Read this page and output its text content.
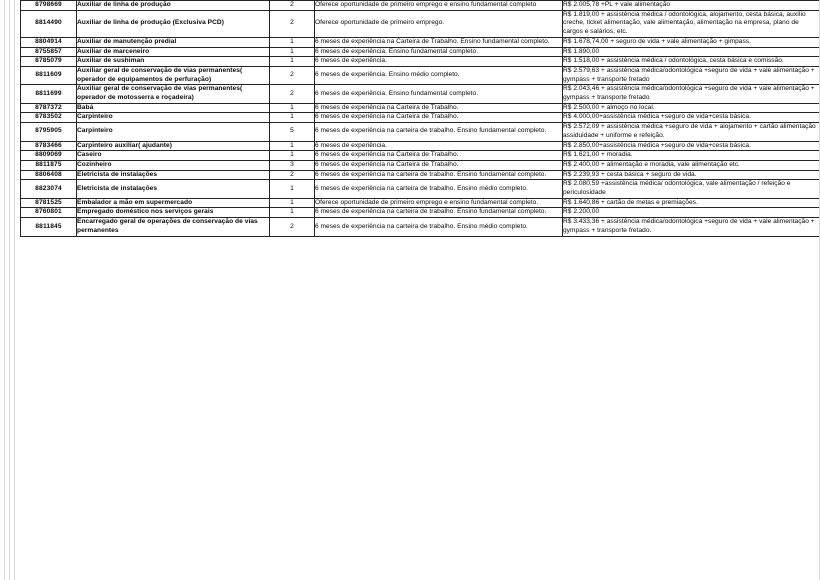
8798669	Auxiliar de linha de produção	2	Oferece oportunidade de primeiro emprego e ensino fundamental completo	R$ 2.005,78 +PL + vale alimentação
8814490	Auxiliar de linha de produção (Exclusiva PCD)	2	Oferece oportunidade de primeiro emprego.	R$ 1.819,00 + assistência médica / odontológica, alojamento, cesta básica, auxílio creche, ticket alimentação, vale alimentação, alimentação na empresa, plano de cargos e salários, etc.
8804914	Auxiliar de manutenção predial	1	6 meses de experiência na Carteira de Trabalho. Ensino fundamental completo.	R$ 1.678,74,00 + seguro de vida + vale alimentação + gimpass.
8755857	Auxiliar de marceneiro	1	6 meses de experiência. Ensino fundamental completo.	R$ 1.890,00
8785079	Auxiliar de sushiman	1	6 meses de experiência.	R$ 1.518,00 + assistência médica / odontológica, cesta básica e comissão.
8811609	Auxiliar geral de conservação de vias permanentes( operador de equipamentos de perfuração)	2	6 meses de experiência. Ensino médio completo.	R$ 2.579,63 + assistência médica/odontológica +seguro de vida + vale alimentação + gympass + transporte fretado
8811699	Auxiliar geral de conservação de vias permanentes( operador de motosserra e roçadeira)	2	6 meses de experiência. Ensino fundamental completo.	R$ 2.043,46 + assistência médica/odontológica +seguro de vida + vale alimentação + gympass + transporte fretado
8787372	Babá	1	6 meses de experiência na Carteira de Trabalho.	R$ 2.500,00 + almoço no local.
8783502	Carpinteiro	1	6 meses de experiência na Carteira de Trabalho.	R$ 4.000,00+assistência médica +seguro de vida+cesta básica.
8795905	Carpinteiro	5	6 meses de experiência na carteira de trabalho. Ensino fundamental completo.	R$ 2.572,09 + assistência médica +seguro de vida + alojamento + cartão alimentação assiduidade + uniforme e refeição.
8783466	Carpinteiro auxiliar( ajudante)	1	6 meses de experiência.	R$ 2.850,00+assistência médica +seguro de vida+cesta básica.
8809069	Caseiro	1	6 meses de experiência na Carteira de Trabalho.	R$ 1.621,00 + moradia.
8811875	Cozinheiro	3	6 meses de experiência na Carteira de Trabalho.	R$ 2.400,00 + alimentação e moradia, vale alimentação etc.
8806408	Eletricista de instalações	2	6 meses de experiência na carteira de trabalho. Ensino fundamental completo.	R$ 2.239,93 + cesta básica + seguro de vida.
8823074	Eletricista de instalações	1	6 meses de experiência na carteira de trabalho. Ensino médio completo.	R$ 2.080,59 +assistência médica/ odontológica, vale alimentação / refeição e periculosidade
8781525	Embalador a mão em supermercado	1	Oferece oportunidade de primeiro emprego e ensino fundamental completo.	R$ 1.640,86 + cartão de metas e premiações.
8760801	Empregado doméstico nos serviços gerais	1	6 meses de experiência na carteira de trabalho. Ensino fundamental completo.	R$ 2.200,00
8811845	Encarregado geral de operações de conservação de vias permanentes	2	6 meses de experiência na carteira de trabalho. Ensino médio completo.	R$ 3.433,36 + assistência médica/odontológica +seguro de vida + vale alimentação + gympass + transporte fretado.
